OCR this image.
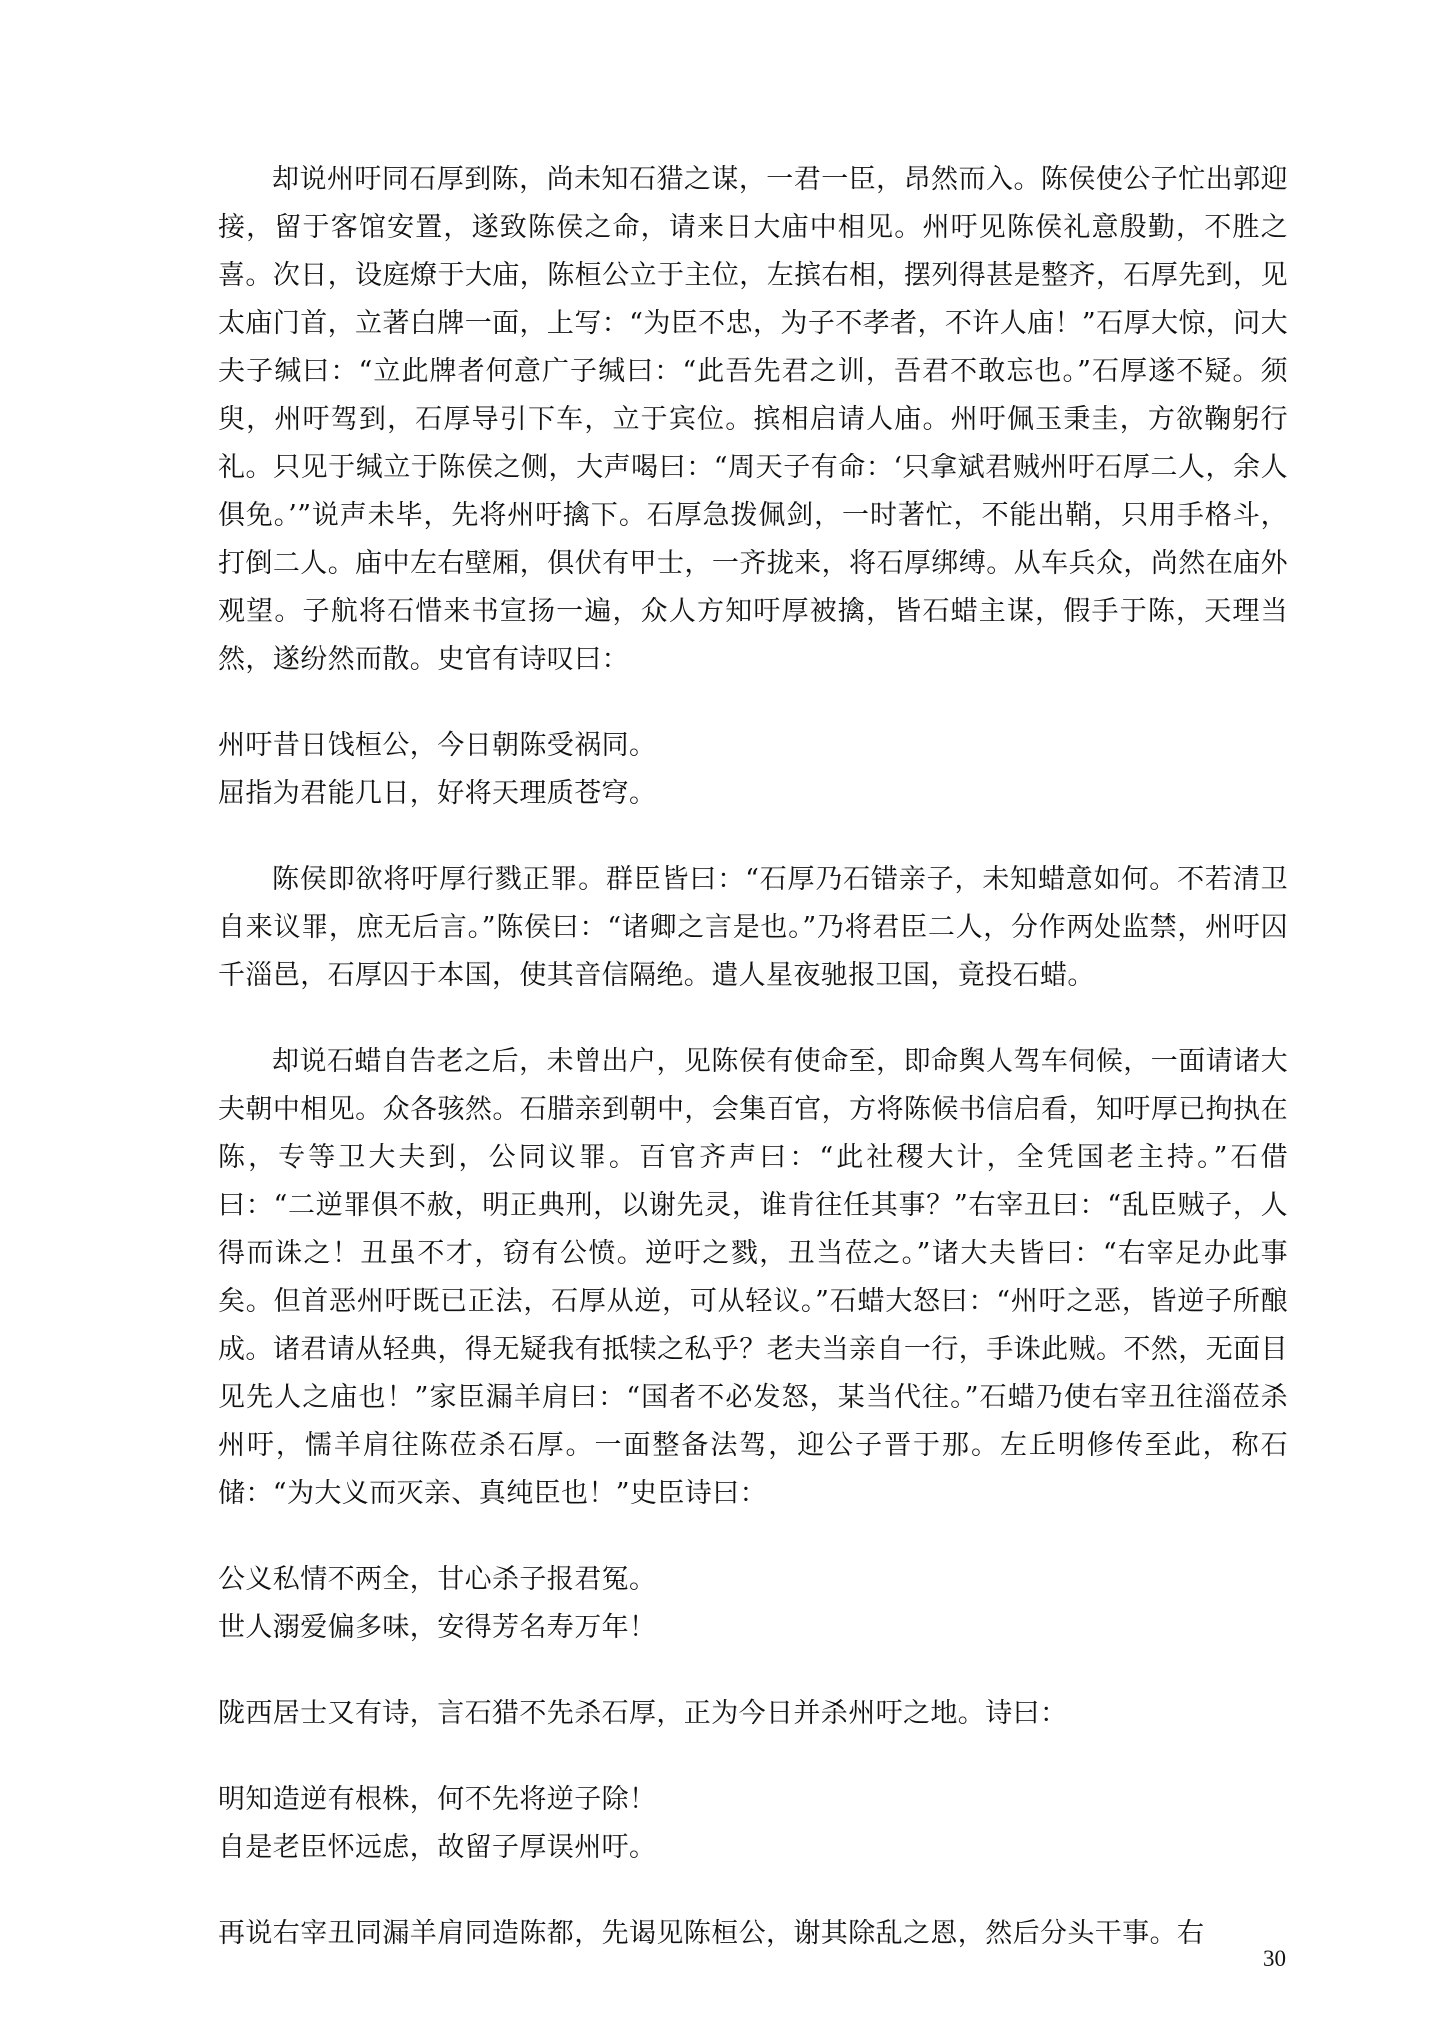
却说州吁同石厚到陈，尚未知石猎之谋，一君一臣，昂然而入。陈侯使公子忙出郭迎接，留于客馆安置，遂致陈侯之命，请来日大庙中相见。州吁见陈侯礼意殷勤，不胜之喜。次日，设庭燎于大庙，陈桓公立于主位，左摈右相，摆列得甚是整齐，石厚先到，见太庙门首，立著白牌一面，上写：“为臣不忠，为子不孝者，不许人庙！”石厚大惊，问大夫子缄曰：“立此牌者何意广子缄曰：“此吾先君之训，吾君不敢忘也。”石厚遂不疑。须臾，州吁驾到，石厚导引下车，立于宾位。摈相启请人庙。州吁佩玉秉圭，方欲鞠躬行礼。只见于缄立于陈侯之侧，大声喝曰：“周天子有命：‘只拿斌君贼州吁石厚二人，余人俱免。’”说声未毕，先将州吁擒下。石厚急拨佩剑，一时著忙，不能出鞘，只用手格斗，打倒二人。庙中左右壁厢，俱伏有甲士，一齐拢来，将石厚绑缚。从车兵众，尚然在庙外观望。子航将石惜来书宣扬一遍，众人方知吁厚被擒，皆石蜡主谋，假手于陈，天理当然，遂纷然而散。史官有诗叹曰：

州吁昔日饯桓公，今日朝陈受祸同。

屈指为君能几日，好将天理质苍穹。

陈侯即欲将吁厚行戮正罪。群臣皆曰：“石厚乃石错亲子，未知蜡意如何。不若清卫自来议罪，庶无后言。”陈侯曰：“诸卿之言是也。”乃将君臣二人，分作两处监禁，州吁囚千淄邑，石厚囚于本国，使其音信隔绝。遣人星夜驰报卫国，竟投石蜡。

却说石蜡自告老之后，未曾出户，见陈侯有使命至，即命舆人驾车伺候，一面请诸大夫朝中相见。众各骇然。石腊亲到朝中，会集百官，方将陈候书信启看，知吁厚已拘执在陈，专等卫大夫到，公同议罪。百官齐声曰：“此社稷大计，全凭国老主持。”石借曰：“二逆罪俱不赦，明正典刑，以谢先灵，谁肯往任其事？”右宰丑曰：“乱臣贼子，人得而诛之！丑虽不才，窃有公愤。逆吁之戮，丑当莅之。”诸大夫皆曰：“右宰足办此事矣。但首恶州吁既已正法，石厚从逆，可从轻议。”石蜡大怒曰：“州吁之恶，皆逆子所酿成。诸君请从轻典，得无疑我有抵犊之私乎？老夫当亲自一行，手诛此贼。不然，无面目见先人之庙也！”家臣漏羊肩曰：“国者不必发怒，某当代往。”石蜡乃使右宰丑往淄莅杀州吁，懦羊肩往陈莅杀石厚。一面整备法驾，迎公子晋于那。左丘明修传至此，称石储：“为大义而灭亲、真纯臣也！”史臣诗曰：

公义私情不两全，甘心杀子报君冤。

世人溺爱偏多味，安得芳名寿万年！

陇西居士又有诗，言石猎不先杀石厚，正为今日并杀州吁之地。诗曰：

明知造逆有根株，何不先将逆子除！

自是老臣怀远虑，故留子厚误州吁。

再说右宰丑同漏羊肩同造陈都，先谒见陈桓公，谢其除乱之恩，然后分头干事。右

30
